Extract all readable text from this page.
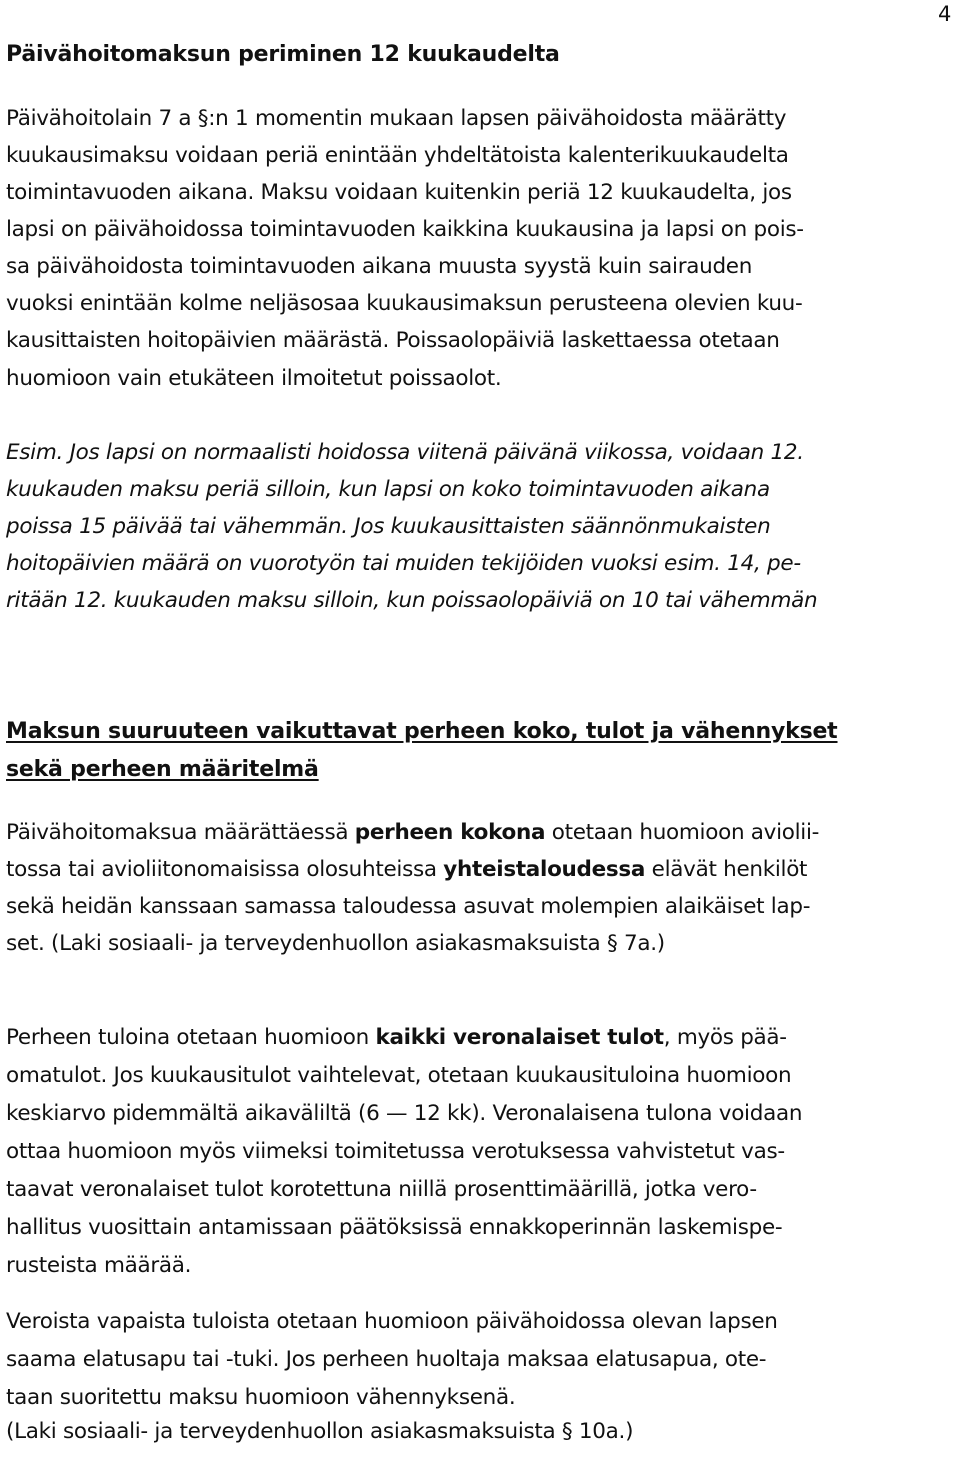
4
Päivähoitomaksun periminen 12 kuukaudelta
Päivähoitolain 7 a §:n 1 momentin mukaan lapsen päivähoidosta määrätty
kuukausimaksu voidaan periä enintään yhdeltätoista kalenterikuukaudelta
toimintavuoden aikana. Maksu voidaan kuitenkin periä 12 kuukaudelta, jos
lapsi on päivähoidossa toimintavuoden kaikkina kuukausina ja lapsi on pois-
sa päivähoidosta toimintavuoden aikana muusta syystä kuin sairauden
vuoksi enintään kolme neljäsosaa kuukausimaksun perusteena olevien kuu-
kausittaisten hoitopäivien määrästä. Poissaolopäiviä laskettaessa otetaan
huomioon vain etukäteen ilmoitetut poissaolot.
Esim. Jos lapsi on normaalisti hoidossa viitenä päivänä viikossa, voidaan 12.
kuukauden maksu periä silloin, kun lapsi on koko toimintavuoden aikana
poissa 15 päivää tai vähemmän. Jos kuukausittaisten säännönmukaisten
hoitopäivien määrä on vuorotyön tai muiden tekijöiden vuoksi esim. 14, pe-
ritään 12. kuukauden maksu silloin, kun poissaolopäiviä on 10 tai vähemmän
Maksun suuruuteen vaikuttavat perheen koko, tulot ja vähennykset
sekä perheen määritelmä
Päivähoitomaksua määrättäessä perheen kokona otetaan huomioon aviolii-
tossa tai avioliitonomaisissa olosuhteissa yhteistaloudessa elävät henkilöt
sekä heidän kanssaan samassa taloudessa asuvat molempien alaikäiset lap-
set. (Laki sosiaali- ja terveydenhuollon asiakasmaksuista § 7a.)
Perheen tuloina otetaan huomioon kaikki veronalaiset tulot, myös pää-
omatulot. Jos kuukausitulot vaihtelevat, otetaan kuukausituloina huomioon
keskiarvo pidemmältä aikaväliltä (6 — 12 kk). Veronalaisena tulona voidaan
ottaa huomioon myös viimeksi toimitetussa verotuksessa vahvistetut vas-
taavat veronalaiset tulot korotettuna niillä prosenttimäärillä, jotka vero-
hallitus vuosittain antamissaan päätöksissä ennakkoperinnän laskemispe-
rusteista määrää.
Veroista vapaista tuloista otetaan huomioon päivähoidossa olevan lapsen
saama elatusapu tai -tuki. Jos perheen huoltaja maksaa elatusapua, ote-
taan suoritettu maksu huomioon vähennyksenä.
(Laki sosiaali- ja terveydenhuollon asiakasmaksuista § 10a.)
